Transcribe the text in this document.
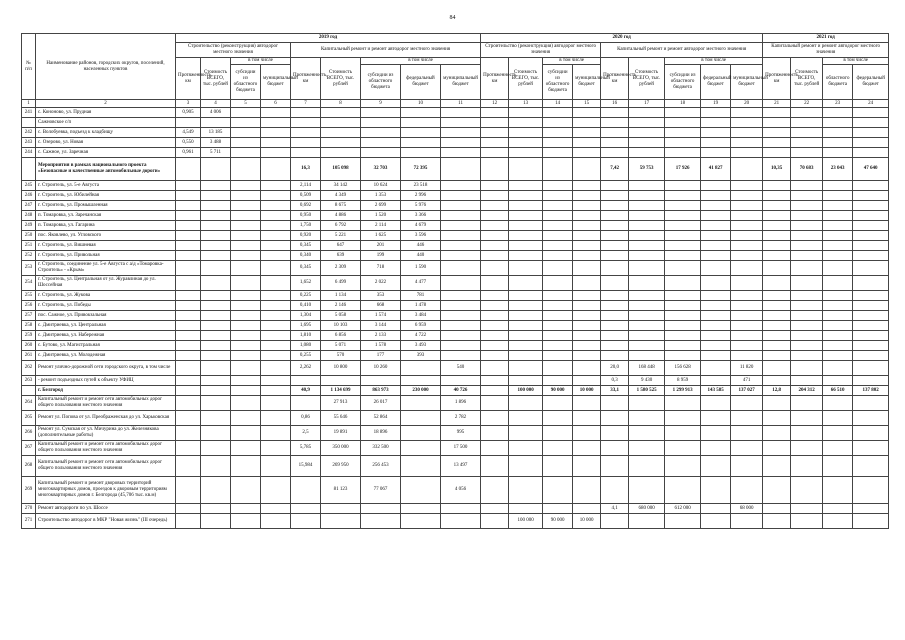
84
№ п/п	Наименование районов, городских округов, поселений, населенных пунктов	2019 год									2020 год									2021 год			
		Строительство (реконструкция) автодорог местного значения				Капитальный ремонт и ремонт автодорог местного значения					Строительство (реконструкция) автодорог местного значения				Капитальный ремонт и ремонт автодорог местного значения					Капитальный ремонт и ремонт автодорог местного значения			
		Протяженность, км	Стоимость ВСЕГО, тыс. рублей	в том числе		Протяженность, км	Стоимость ВСЕГО, тыс. рублей	в том числе			Протяженность, км	Стоимость ВСЕГО, тыс. рублей	в том числе		Протяженность, км	Стоимость ВСЕГО, тыс. рублей	в том числе			Протяженность, км	Стоимость ВСЕГО, тыс. рублей	в том числе	
				субсидии из областного бюджета	муниципальный бюджет			субсидии из областного бюджета	федеральный бюджет	муниципальный бюджет			субсидии из областного бюджета	муниципальный бюджет			субсидии из областного бюджета	федеральный бюджет	муниципальный бюджет			областного бюджета	федеральный бюджет
1	2	3	4	5	6	7	8	9	10	11	12	13	14	15	16	17	18	19	20	21	22	23	24
241	с. Кононово, ул. Прудная	0,905	4 006																				
	Сажновское с/п																						
242	с. Волобуевка, подъезд к кладбищу	4,549	13 185																				
243	с. Озерово, ул. Новая	0,550	3 488																				
244	с. Сажное, ул. Заречная	0,961	5 711																				
	Мероприятия в рамках национального проекта «Безопасные и качественные автомобильные дороги»					16,3	105 098	32 703	72 395						7,42	59 753	17 926	41 827		10,35	70 683	23 043	47 640
245	г. Строитель, ул. 5-е Августа					2,114	34 142	10 624	23 518														
246	г. Строитель, ул. Юбилейная					0,509	4 349	1 353	2 996														
247	г. Строитель, ул. Промышленная					0,692	8 675	2 699	5 976														
248	п. Томаровка, ул. Заречанская					0,950	4 886	1 520	3 366														
249	п. Томаровка, ул. Гагарина					1,750	6 792	2 114	4 679														
250	пос. Яковлево, ул. Угловского					0,920	5 221	1 625	3 596														
251	г. Строитель, ул. Вишневая					0,345	647	201	446														
252	г. Строитель, ул. Привольная					0,340	639	199	440														
253	г. Строитель, соединение ул. 5-е Августа с а/д «Томаровка-Строитель» - «Крым»					0,345	2 309	718	1 590														
254	г. Строитель, ул. Центральная от ул. Журавлиная до ул. Шоссейная					1,652	6 499	2 022	4 477														
255	г. Строитель, ул. Жукова					0,225	1 134	353	781														
256	г. Строитель, ул. Победы					0,410	2 146	668	1 478														
257	пос. Сажное, ул. Привокзальная					1,304	5 058	1 574	3 484														
258	с. Дмитриевка, ул. Центральная					1,695	10 103	3 144	6 959														
259	с. Дмитриевка, ул. Набережная					1,810	6 856	2 133	4 722														
260	с. Бутово, ул. Магистральная					1,080	5 071	1 578	3 493														
261	с. Дмитриевка, ул. Молодежная					0,255	570	177	393														
262	Ремонт улично-дорожной сети городского округа, в том числе					2,262	10 800	10 260		540					20,0	168 448	156 628		11 820				
263	- ремонт подъездных путей к объекту УФИЦ														0,3	9 430	8 959		471				
	г. Белгород					40,9	1 134 699	863 973	230 000	40 726		100 000	90 000	10 000	33,1	1 580 525	1 299 913	143 585	137 027	12,8	204 312	66 510	137 802
264	Капитальный ремонт и ремонт сети автомобильных дорог общего пользования местного значения						27 913	26 017		1 896													
265	Ремонт ул. Попова от ул. Преображенская до ул. Харьковская					0,86	55 646	52 864		2 782													
266	Ремонт ул. Сумская от ул. Мичурина до ул. Железнякова (дополнительные работы)					2,5	19 891	18 896		995													
267	Капитальный ремонт и ремонт сети автомобильных дорог общего пользования местного значения					5,785	350 000	332 500		17 500													
268	Капитальный ремонт и ремонт сети автомобильных дорог общего пользования местного значения					15,984	269 950	256 453		13 497													
269	Капитальный ремонт и ремонт дворовых территорий многоквартирных домов, проездов к дворовым территориям многоквартирных домов г. Белгорода (45,706 тыс. кв.м)						81 123	77 067		4 056													
270	Ремонт автодороги по ул. Шоссе														4,1	680 000	612 000		68 000				
271	Строительство автодорог в МКР "Новая жизнь" (III очередь)											100 000	90 000	10 000									
